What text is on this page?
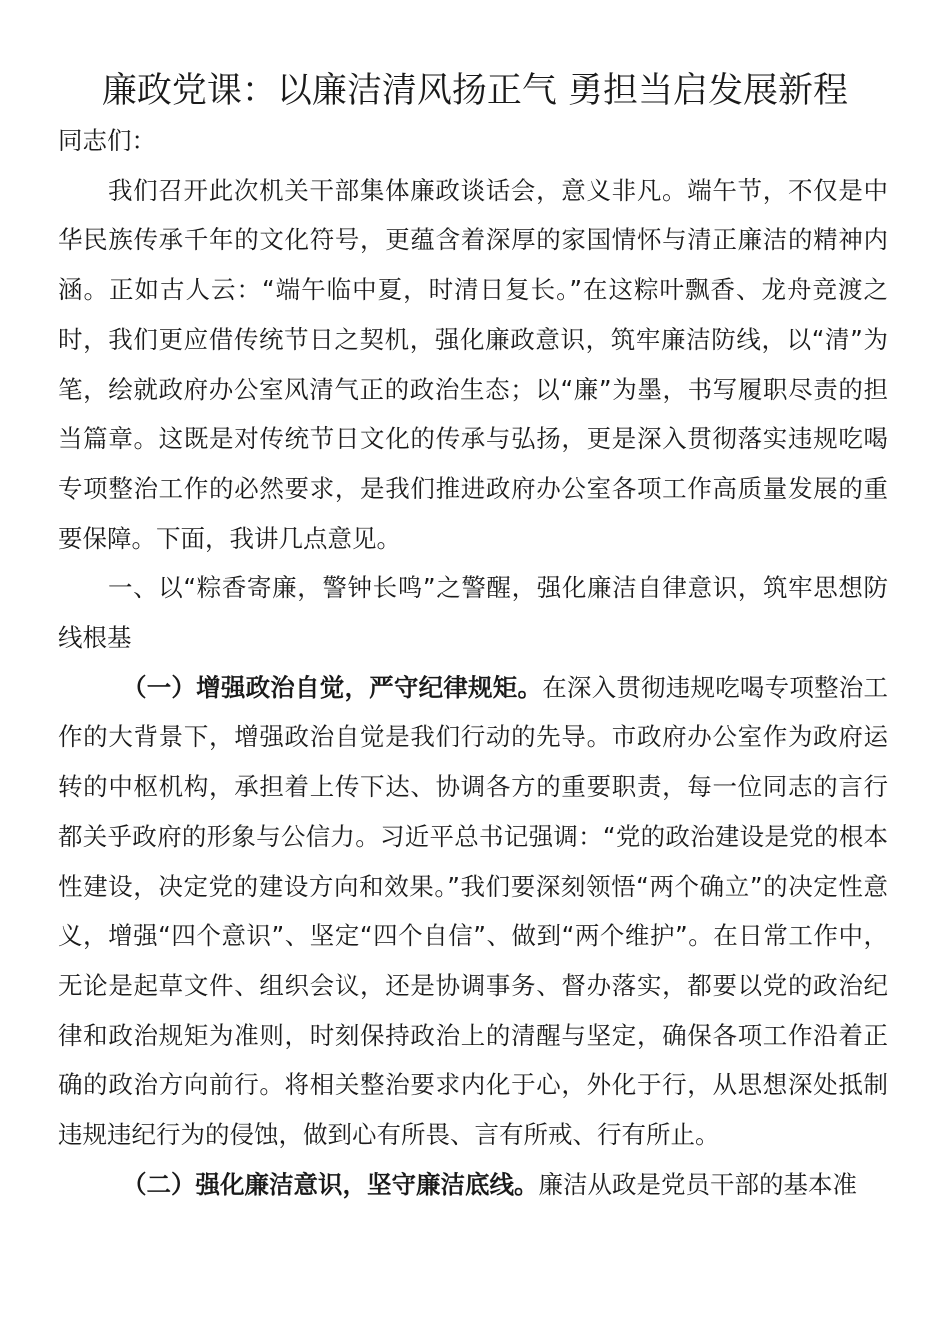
廉政党课：以廉洁清风扬正气 勇担当启发展新程

同志们：

我们召开此次机关干部集体廉政谈话会，意义非凡。端午节，不仅是中华民族传承千年的文化符号，更蕴含着深厚的家国情怀与清正廉洁的精神内涵。正如古人云：“端午临中夏，时清日复长。”在这粽叶飘香、龙舟竞渡之时，我们更应借传统节日之契机，强化廉政意识，筑牢廉洁防线，以“清”为笔，绘就政府办公室风清气正的政治生态；以“廉”为墨，书写履职尽责的担当篇章。这既是对传统节日文化的传承与弘扬，更是深入贯彻落实违规吃喝专项整治工作的必然要求，是我们推进政府办公室各项工作高质量发展的重要保障。下面，我讲几点意见。

一、以“粽香寄廉，警钟长鸣”之警醒，强化廉洁自律意识，筑牢思想防线根基

（一）增强政治自觉，严守纪律规矩。在深入贯彻违规吃喝专项整治工作的大背景下，增强政治自觉是我们行动的先导。市政府办公室作为政府运转的中枢机构，承担着上传下达、协调各方的重要职责，每一位同志的言行都关乎政府的形象与公信力。习近平总书记强调：“党的政治建设是党的根本性建设，决定党的建设方向和效果。”我们要深刻领悟“两个确立”的决定性意义，增强“四个意识”、坚定“四个自信”、做到“两个维护”。在日常工作中，无论是起草文件、组织会议，还是协调事务、督办落实，都要以党的政治纪律和政治规矩为准则，时刻保持政治上的清醒与坚定，确保各项工作沿着正确的政治方向前行。将相关整治要求内化于心，外化于行，从思想深处抵制违规违纪行为的侵蚀，做到心有所畏、言有所戒、行有所止。

（二）强化廉洁意识，坚守廉洁底线。廉洁从政是党员干部的基本准
